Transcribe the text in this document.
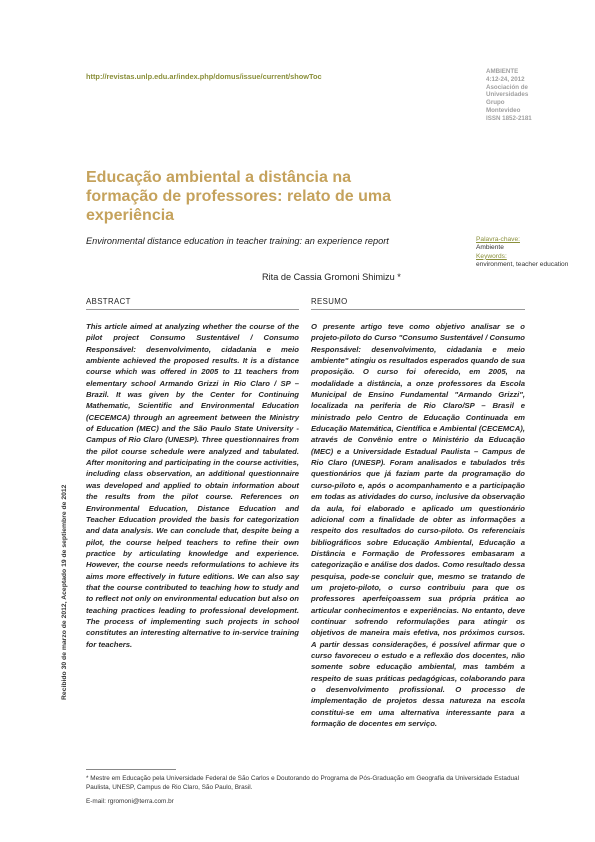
http://revistas.unlp.edu.ar/index.php/domus/issue/current/showToc
AMBIENTE
4:12-24, 2012
Asociación de
Universidades
Grupo
Montevideo
ISSN 1852-2181
Educação ambiental a distância na formação de professores: relato de uma experiência
Environmental distance education in teacher training: an experience report
Rita de Cassia Gromoni Shimizu *
Palavra-chave:
Ambiente
Keywords:
environment, teacher education
ABSTRACT

This article aimed at analyzing whether the course of the pilot project Consumo Sustentável / Consumo Responsável: desenvolvimento, cidadania e meio ambiente achieved the proposed results. It is a distance course which was offered in 2005 to 11 teachers from elementary school Armando Grizzi in Rio Claro / SP – Brazil. It was given by the Center for Continuing Mathematic, Scientific and Environmental Education (CECEMCA) through an agreement between the Ministry of Education (MEC) and the São Paulo State University - Campus of Rio Claro (UNESP). Three questionnaires from the pilot course schedule were analyzed and tabulated. After monitoring and participating in the course activities, including class observation, an additional questionnaire was developed and applied to obtain information about the results from the pilot course. References on Environmental Education, Distance Education and Teacher Education provided the basis for categorization and data analysis. We can conclude that, despite being a pilot, the course helped teachers to refine their own practice by articulating knowledge and experience. However, the course needs reformulations to achieve its aims more effectively in future editions. We can also say that the course contributed to teaching how to study and to reflect not only on environmental education but also on teaching practices leading to professional development. The process of implementing such projects in school constitutes an interesting alternative to in-service training for teachers.

RESUMO

O presente artigo teve como objetivo analisar se o projeto-piloto do Curso "Consumo Sustentável / Consumo Responsável: desenvolvimento, cidadania e meio ambiente" atingiu os resultados esperados quando de sua proposição. O curso foi oferecido, em 2005, na modalidade a distância, a onze professores da Escola Municipal de Ensino Fundamental "Armando Grizzi", localizada na periferia de Rio Claro/SP – Brasil e ministrado pelo Centro de Educação Continuada em Educação Matemática, Científica e Ambiental (CECEMCA), através de Convênio entre o Ministério da Educação (MEC) e a Universidade Estadual Paulista – Campus de Rio Claro (UNESP). Foram analisados e tabulados três questionários que já faziam parte da programação do curso-piloto e, após o acompanhamento e a participação em todas as atividades do curso, inclusive da observação da aula, foi elaborado e aplicado um questionário adicional com a finalidade de obter as informações a respeito dos resultados do curso-piloto. Os referenciais bibliográficos sobre Educação Ambiental, Educação a Distância e Formação de Professores embasaram a categorização e análise dos dados. Como resultado dessa pesquisa, pode-se concluir que, mesmo se tratando de um projeto-piloto, o curso contribuiu para que os professores aperfeiçoassem sua própria prática ao articular conhecimentos e experiências. No entanto, deve continuar sofrendo reformulações para atingir os objetivos de maneira mais efetiva, nos próximos cursos. A partir dessas considerações, é possível afirmar que o curso favoreceu o estudo e a reflexão dos docentes, não somente sobre educação ambiental, mas também a respeito de suas práticas pedagógicas, colaborando para o desenvolvimento profissional. O processo de implementação de projetos dessa natureza na escola constitui-se em uma alternativa interessante para a formação de docentes em serviço.

Recibido 30 de marzo de 2012, Aceptado 19 de septiembre de 2012
* Mestre em Educação pela Universidade Federal de São Carlos e Doutorando do Programa de Pós-Graduação em Geografia da Universidade Estadual Paulista, UNESP, Campus de Rio Claro, São Paulo, Brasil.
E-mail: rgromoni@terra.com.br
